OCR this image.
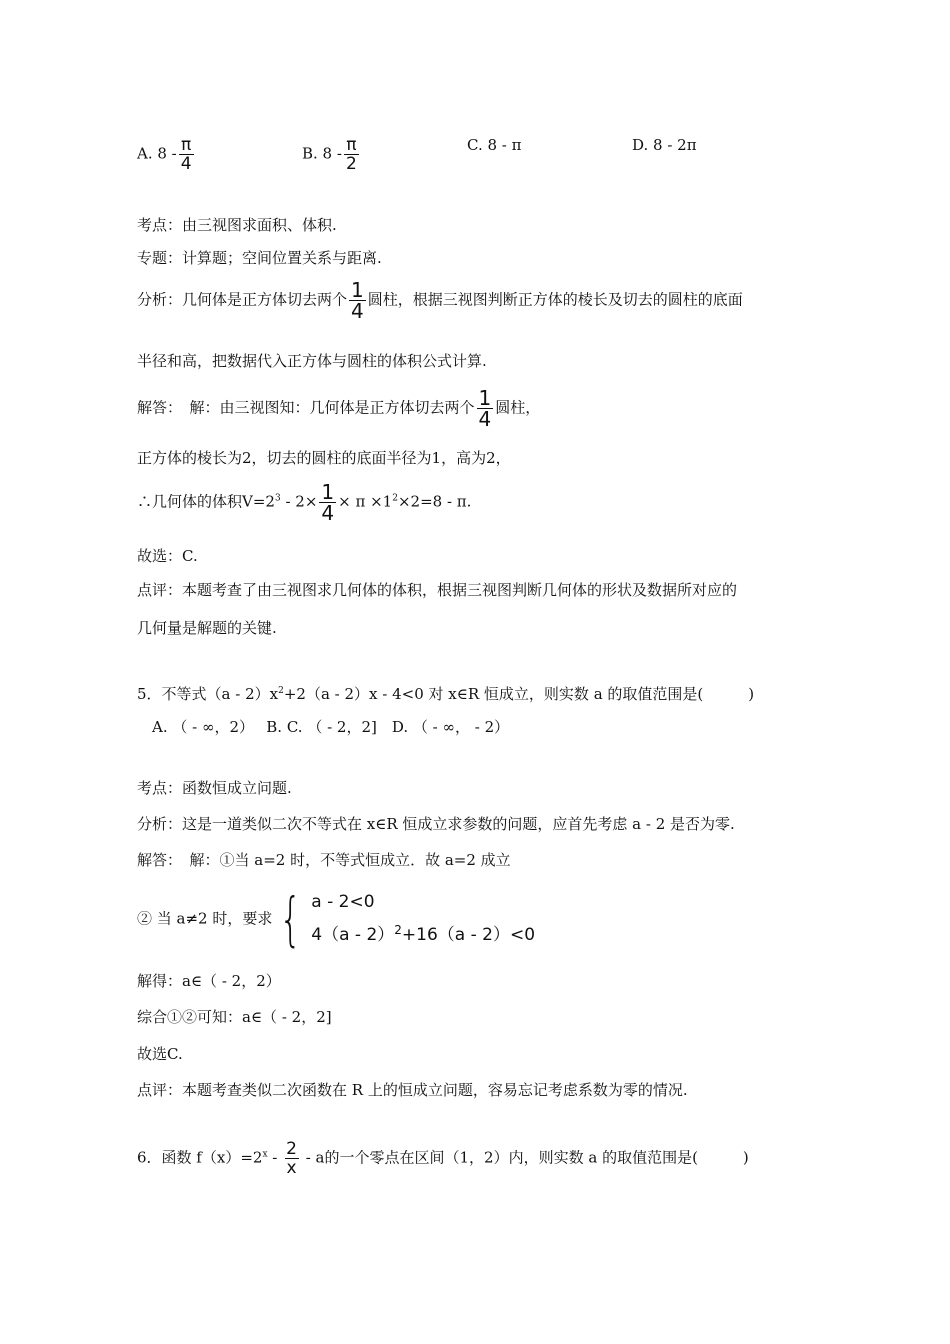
A. $8 - \frac{\pi}{4}$	B. $8 - \frac{\pi}{2}$	C. 8 - π	D. 8 - 2π
考点：由三视图求面积、体积.
专题：计算题；空间位置关系与距离.
分析：几何体是正方体切去两个 $\frac{1}{4}$ 圆柱，根据三视图判断正方体的棱长及切去的圆柱的底面
半径和高，把数据代入正方体与圆柱的体积公式计算.
解答：　解：由三视图知：几何体是正方体切去两个 $\frac{1}{4}$ 圆柱，
正方体的棱长为2，切去的圆柱的底面半径为1，高为2，
∴几何体的体积$V=2^3 - 2\times \frac{1}{4} \times \pi \times 1^2\times 2=8 - \pi$.
故选：C.
点评：本题考查了由三视图求几何体的体积，根据三视图判断几何体的形状及数据所对应的
几何量是解题的关键.
5．不等式$(a - 2)x^2+2(a - 2)x - 4<0$ 对 x∈R 恒成立，则实数 a 的取值范围是(　　　)
A. （ - ∞，2）　 B. C. （ - 2，2]　D. （ - ∞， - 2）
考点：函数恒成立问题.
分析：这是一道类似二次不等式在 x∈R 恒成立求参数的问题，应首先考虑 a - 2 是否为零.
解答：　解：①当 a=2 时，不等式恒成立．故 a=2 成立
② 当 a≠2 时，要求 { a - 2<0
4（a - 2）$^2$+16（a - 2）<0
解得：a∈（ - 2，2）
综合①②可知：a∈（ - 2，2]
故选C.
点评：本题考查类似二次函数在 R 上的恒成立问题，容易忘记考虑系数为零的情况.
6．函数 $f(x)=2^x - \frac{2}{x} - a$的一个零点在区间（1，2）内，则实数 a 的取值范围是(　　　)
